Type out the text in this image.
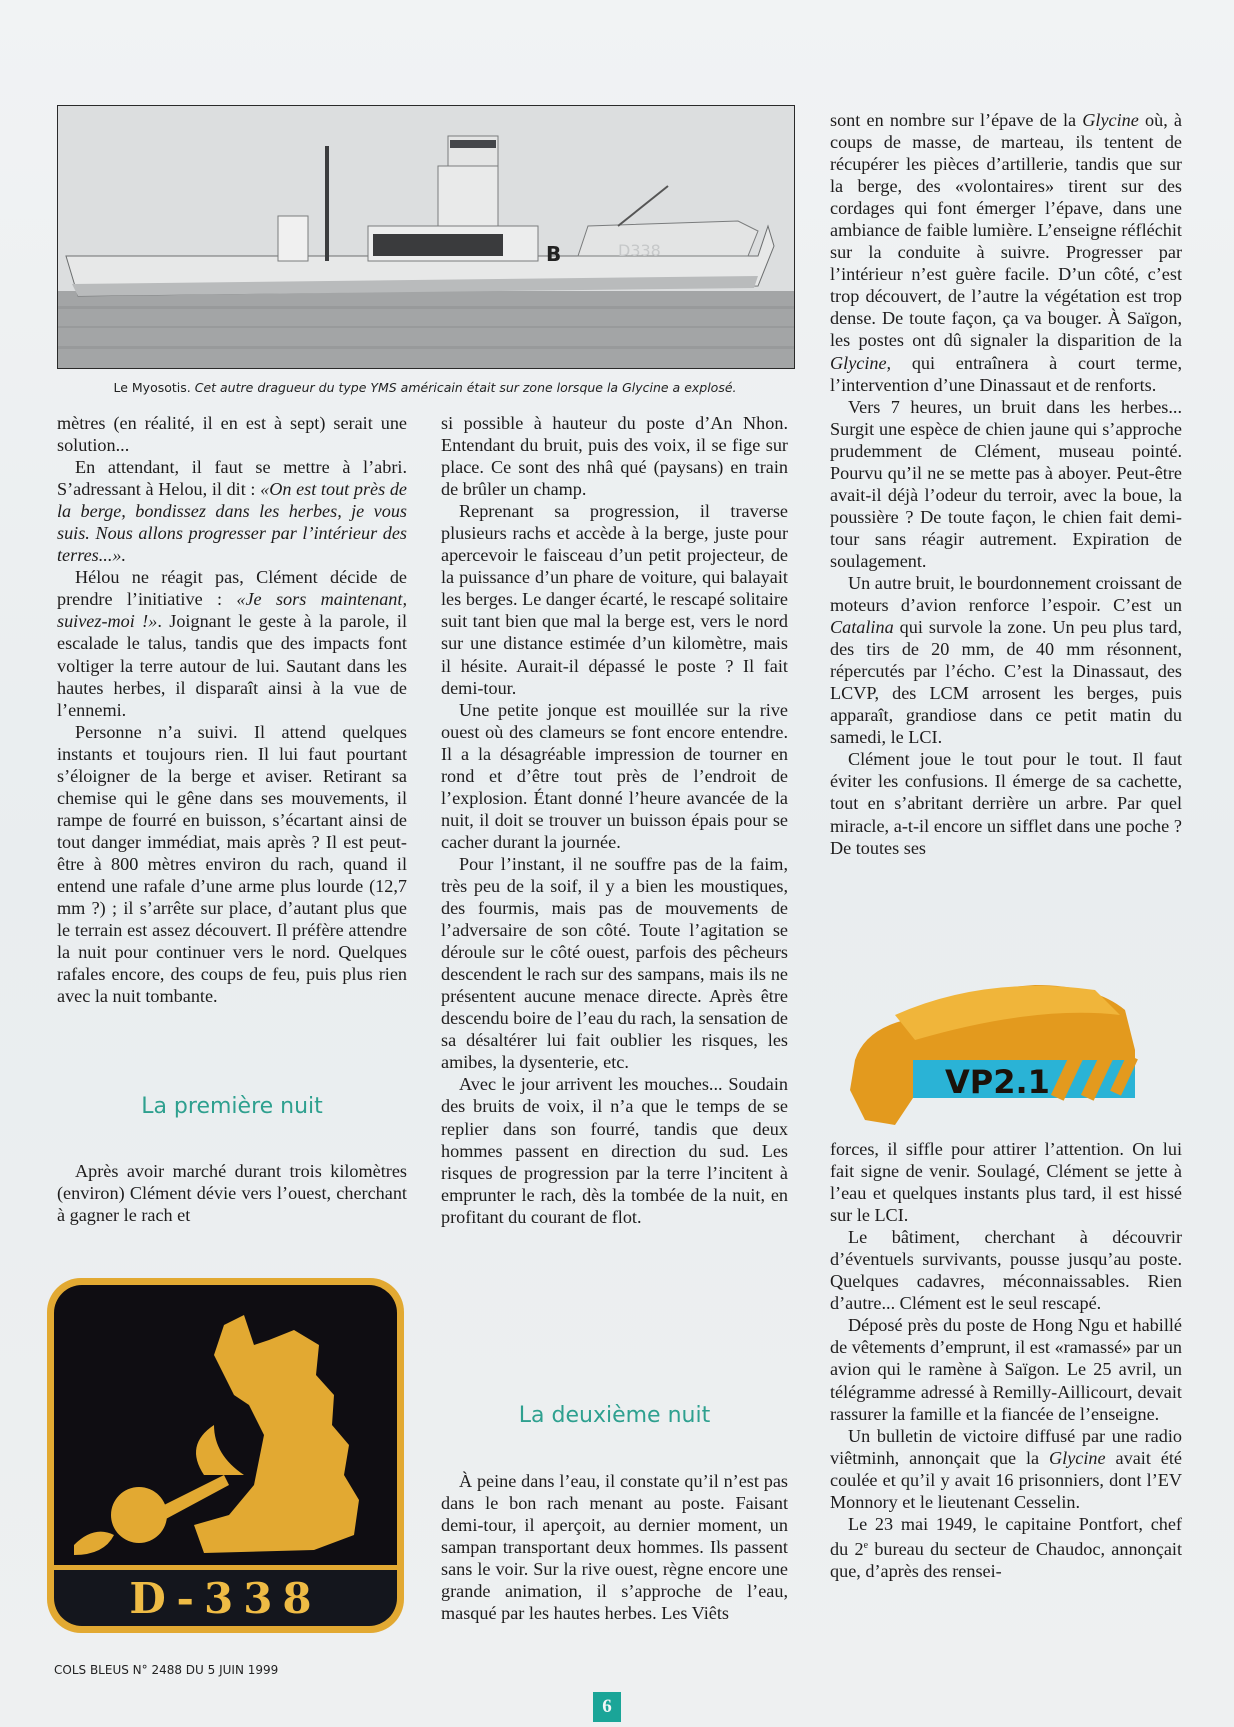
D338
B
Le Myosotis. Cet autre dragueur du type YMS américain était sur zone lorsque la Glycine a explosé.

mètres (en réalité, il en est à sept) serait une solution...

En attendant, il faut se mettre à l’abri. S’adressant à Helou, il dit : «On est tout près de la berge, bondissez dans les herbes, je vous suis. Nous allons progresser par l’intérieur des terres...».

Hélou ne réagit pas, Clément décide de prendre l’initiative : «Je sors maintenant, suivez-moi !». Joignant le geste à la parole, il escalade le talus, tandis que des impacts font voltiger la terre autour de lui. Sautant dans les hautes herbes, il disparaît ainsi à la vue de l’ennemi.

Personne n’a suivi. Il attend quelques instants et toujours rien. Il lui faut pourtant s’éloigner de la berge et aviser. Retirant sa chemise qui le gêne dans ses mouvements, il rampe de fourré en buisson, s’écartant ainsi de tout danger immédiat, mais après ? Il est peut-être à 800 mètres environ du rach, quand il entend une rafale d’une arme plus lourde (12,7 mm ?) ; il s’arrête sur place, d’autant plus que le terrain est assez découvert. Il préfère attendre la nuit pour continuer vers le nord. Quelques rafales encore, des coups de feu, puis plus rien avec la nuit tombante.

La première nuit

Après avoir marché durant trois kilomètres (environ) Clément dévie vers l’ouest, cherchant à gagner le rach et

D-338

si possible à hauteur du poste d’An Nhon. Entendant du bruit, puis des voix, il se fige sur place. Ce sont des nhâ qué (paysans) en train de brûler un champ.

Reprenant sa progression, il traverse plusieurs rachs et accède à la berge, juste pour apercevoir le faisceau d’un petit projecteur, de la puissance d’un phare de voiture, qui balayait les berges. Le danger écarté, le rescapé solitaire suit tant bien que mal la berge est, vers le nord sur une distance estimée d’un kilomètre, mais il hésite. Aurait-il dépassé le poste ? Il fait demi-tour.

Une petite jonque est mouillée sur la rive ouest où des clameurs se font encore entendre. Il a la désagréable impression de tourner en rond et d’être tout près de l’endroit de l’explosion. Étant donné l’heure avancée de la nuit, il doit se trouver un buisson épais pour se cacher durant la journée.

Pour l’instant, il ne souffre pas de la faim, très peu de la soif, il y a bien les moustiques, des fourmis, mais pas de mouvements de l’adversaire de son côté. Toute l’agitation se déroule sur le côté ouest, parfois des pêcheurs descendent le rach sur des sampans, mais ils ne présentent aucune menace directe. Après être descendu boire de l’eau du rach, la sensation de sa désaltérer lui fait oublier les risques, les amibes, la dysenterie, etc.

Avec le jour arrivent les mouches... Soudain des bruits de voix, il n’a que le temps de se replier dans son fourré, tandis que deux hommes passent en direction du sud. Les risques de progression par la terre l’incitent à emprunter le rach, dès la tombée de la nuit, en profitant du courant de flot.

La deuxième nuit

À peine dans l’eau, il constate qu’il n’est pas dans le bon rach menant au poste. Faisant demi-tour, il aperçoit, au dernier moment, un sampan transportant deux hommes. Ils passent sans le voir. Sur la rive ouest, règne encore une grande animation, il s’approche de l’eau, masqué par les hautes herbes. Les Viêts

sont en nombre sur l’épave de la Glycine où, à coups de masse, de marteau, ils tentent de récupérer les pièces d’artillerie, tandis que sur la berge, des «volontaires» tirent sur des cordages qui font émerger l’épave, dans une ambiance de faible lumière. L’enseigne réfléchit sur la conduite à suivre. Progresser par l’intérieur n’est guère facile. D’un côté, c’est trop découvert, de l’autre la végétation est trop dense. De toute façon, ça va bouger. À Saïgon, les postes ont dû signaler la disparition de la Glycine, qui entraînera à court terme, l’intervention d’une Dinassaut et de renforts.

Vers 7 heures, un bruit dans les herbes... Surgit une espèce de chien jaune qui s’approche prudemment de Clément, museau pointé. Pourvu qu’il ne se mette pas à aboyer. Peut-être avait-il déjà l’odeur du terroir, avec la boue, la poussière ? De toute façon, le chien fait demi-tour sans réagir autrement. Expiration de soulagement.

Un autre bruit, le bourdonnement croissant de moteurs d’avion renforce l’espoir. C’est un Catalina qui survole la zone. Un peu plus tard, des tirs de 20 mm, de 40 mm résonnent, répercutés par l’écho. C’est la Dinassaut, des LCVP, des LCM arrosent les berges, puis apparaît, grandiose dans ce petit matin du samedi, le LCI.

Clément joue le tout pour le tout. Il faut éviter les confusions. Il émerge de sa cachette, tout en s’abritant derrière un arbre. Par quel miracle, a-t-il encore un sifflet dans une poche ? De toutes ses

VP2.1

forces, il siffle pour attirer l’attention. On lui fait signe de venir. Soulagé, Clément se jette à l’eau et quelques instants plus tard, il est hissé sur le LCI.

Le bâtiment, cherchant à découvrir d’éventuels survivants, pousse jusqu’au poste. Quelques cadavres, méconnaissables. Rien d’autre... Clément est le seul rescapé.

Déposé près du poste de Hong Ngu et habillé de vêtements d’emprunt, il est «ramassé» par un avion qui le ramène à Saïgon. Le 25 avril, un télégramme adressé à Remilly-Aillicourt, devait rassurer la famille et la fiancée de l’enseigne.

Un bulletin de victoire diffusé par une radio viêtminh, annonçait que la Glycine avait été coulée et qu’il y avait 16 prisonniers, dont l’EV Monnory et le lieutenant Cesselin.

Le 23 mai 1949, le capitaine Pontfort, chef du 2e bureau du secteur de Chaudoc, annonçait que, d’après des rensei-

COLS BLEUS N° 2488 DU 5 JUIN 1999
6
